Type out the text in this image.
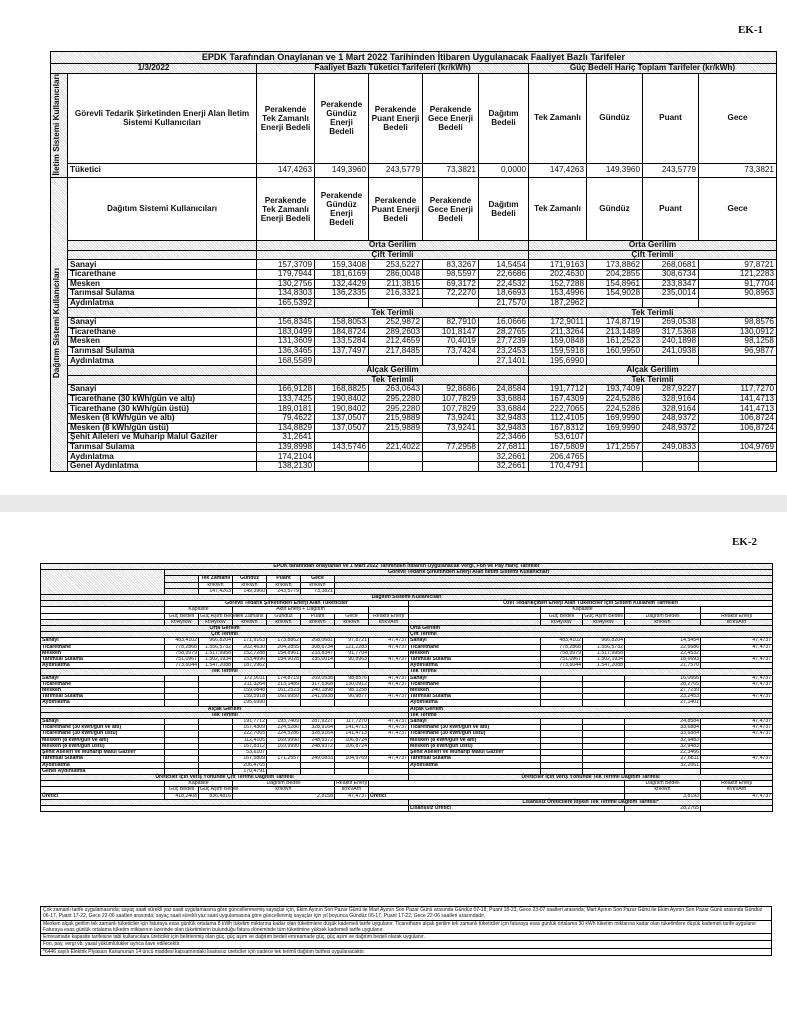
EK-1
EPDK Tarafından Onaylanan ve 1 Mart 2022 Tarihinden İtibaren Uygulanacak Faaliyet Bazlı Tarifeler										
1/3/2022		Faaliyet Bazlı Tüketici Tarifeleri (kr/kWh)					Güç Bedeli Hariç Toplam Tarifeler (kr/kWh)			
İletim Sistemi Kullanıcıları	Görevli Tedarik Şirketinden Enerji Alan İletim Sistemi Kullanıcıları	Perakende Tek Zamanlı Enerji Bedeli	Perakende Gündüz Enerji Bedeli	Perakende Puant Enerji Bedeli	Perakende Gece Enerji Bedeli	Dağıtım Bedeli	Tek Zamanlı	Gündüz	Puant	Gece
	Tüketici	147,4263	149,3960	243,5779	73,3821	0,0000	147,4263	149,3960	243,5779	73,3821
Dağıtım Sistemi Kullanıcıları	Dağıtım Sistemi Kullanıcıları	Perakende Tek Zamanlı Enerji Bedeli	Perakende Gündüz Enerji Bedeli	Perakende Puant Enerji Bedeli	Perakende Gece Enerji Bedeli	Dağıtım Bedeli	Tek Zamanlı	Gündüz	Puant	Gece
		Orta Gerilim					Orta Gerilim			
		Çift Terimli					Çift Terimli			
	Sanayi	157,3709	159,3408	253,5227	83,3267	14,5454	171,9163	173,8862	268,0681	97,8721
	Ticarethane	179,7944	181,6169	286,0048	98,5597	22,6686	202,4630	204,2855	308,6734	121,2283
	Mesken	130,2756	132,4429	211,3815	69,3172	22,4532	152,7288	154,8961	233,8347	91,7704
	Tarımsal Sulama	134,8303	136,2335	216,3321	72,2270	18,6693	153,4996	154,9028	235,0014	90,8963
	Aydınlatma	165,5392				21,7570	187,2962			
		Tek Terimli					Tek Terimli			
	Sanayi	156,8345	158,8053	252,9872	82,7910	16,0666	172,9011	174,8719	269,0538	98,8576
	Ticarethane	183,0499	184,8724	289,2603	101,8147	28,2765	211,3264	213,1489	317,5368	130,0912
	Mesken	131,3609	133,5284	212,4659	70,4019	27,7239	159,0848	161,2523	240,1898	98,1258
	Tarımsal Sulama	136,3465	137,7497	217,8485	73,7424	23,2453	159,5918	160,9950	241,0938	96,9877
	Aydınlatma	168,5589				27,1401	195,6990			
		Alçak Gerilim					Alçak Gerilim			
		Tek Terimli					Tek Terimli			
	Sanayi	166,9128	168,8825	263,0643	92,8686	24,8584	191,7712	193,7409	287,9227	117,7270
	Ticarethane (30 kWh/gün ve altı)	133,7425	190,8402	295,2280	107,7829	33,6884	167,4309	224,5286	328,9164	141,4713
	Ticarethane (30 kWh/gün üstü)	189,0181	190,8402	295,2280	107,7829	33,6884	222,7065	224,5286	328,9164	141,4713
	Mesken (8 kWh/gün ve altı)	79,4622	137,0507	215,9889	73,9241	32,9483	112,4105	169,9990	248,9372	106,8724
	Mesken (8 kWh/gün üstü)	134,8829	137,0507	215,9889	73,9241	32,9483	167,8312	169,9990	248,9372	106,8724
	Şehit Aileleri ve Muharip Malul Gaziler	31,2641				22,3466	53,6107			
	Tarımsal Sulama	139,8998	143,5746	221,4022	77,2958	27,6811	167,5809	171,2557	249,0833	104,9769
	Aydınlatma	174,2104				32,2661	206,4765			
	Genel Aydınlatma	138,2130				32,2661	170,4791			
EK-2
EPDK tarafından onaylanan ve 1 Mart 2022 Tarihinden İtibaren Uygulanacak Vergi, Fon ve Pay Hariç Tarifeler												
	Görevli Tedarik Şirketinden Enerji Alan İletim Sistemi Kullanıcıları											
		Tek Zamanlı	Gündüz	Puant	Gece							
		kr/kWh	kr/kWh	kr/kWh	kr/kWh							
		147,4263	149,3960	243,5779	73,3821							
Dağıtım Sistemi Kullanıcıları												
	Görevli Tedarik Şirketinden Enerji Alan Tüketiciler							Özel Tedarikçiden Enerji Alan Tüketiciler İçin Sistem Kullanım Tarifeleri				
	Kapasite		Aktif Enerji + Dağıtım						Kapasite			
	Güç Bedeli	Güç Aşım Bedeli	Tek Zamanlı	Gündüz	Puant	Gece	Reaktif Enerji		Güç Bedeli	Güç Aşım Bedeli	Dağıtım Bedeli	Reaktif Enerji
	kr/Ay/kW	kr/Ay/kW	kr/kWh	kr/kWh	kr/kWh	kr/kWh	kr/kVArh		kr/Ay/kW	kr/Ay/kW	kr/kWh	kr/kVArh
Orta Gerilim								Orta Gerilim				
Çift Terimli								Çift Terimli				
Sanayi	483,4102	966,8204	171,9163	173,8862	268,0681	97,8721	47,4737	Sanayi	483,4102	966,8204	14,5454	47,4737
Ticarethane	778,2866	1.556,5732	202,4630	204,2855	308,6734	121,2283	47,4737	Ticarethane	778,2866	1.556,5732	22,6686	47,4737
Mesken	758,9979	1.517,9958	152,7288	154,8961	233,8347	91,7704		Mesken	758,9979	1.517,9958	22,4532	
Tarımsal Sulama	751,0967	1.502,1934	153,4996	154,9028	235,0014	90,8963	47,4737	Tarımsal Sulama	751,0967	1.502,1934	18,6693	47,4737
Aydınlatma	773,6044	1.547,2088	187,2962					Aydınlatma	773,6044	1.547,2088	21,7570	
Tek Terimli								Tek Terimli				
Sanayi			172,9011	174,8719	269,0538	98,8576	47,4737	Sanayi			16,0666	47,4737
Ticarethane			211,3264	213,1489	317,5368	130,0912	47,4737	Ticarethane			28,2765	47,4737
Mesken			159,0848	161,2523	240,1898	98,1258		Mesken			27,7239	
Tarımsal Sulama			159,5918	160,9950	241,0938	96,9877	47,4737	Tarımsal Sulama			23,2453	47,4737
Aydınlatma			195,6990					Aydınlatma			27,1401	
Alçak Gerilim								Alçak Gerilim				
Tek Terimli								Tek Terimli				
Sanayi			191,7712	193,7409	287,9227	117,7270	47,4737	Sanayi			24,8584	47,4737
Ticarethane (30 kWh/gün ve altı)			167,4309	224,5286	328,9164	141,4713	47,4737	Ticarethane (30 kWh/gün ve altı)			33,6884	47,4737
Ticarethane (30 kWh/gün üstü)			222,7065	224,5286	328,9164	141,4713	47,4737	Ticarethane (30 kWh/gün üstü)			33,6884	47,4737
Mesken (8 kWh/gün ve altı)			112,4105	169,9990	248,9372	106,8724		Mesken (8 kWh/gün ve altı)			32,9483	
Mesken (8 kWh/gün üstü)			167,8312	169,9990	248,9372	106,8724		Mesken (8 kWh/gün üstü)			32,9483	
Şehit Aileleri ve Muharip Malul Gaziler			53,6107					Şehit Aileleri ve Muharip Malul Gaziler			22,3466	
Tarımsal Sulama			167,5809	171,2557	249,0833	104,9769	47,4737	Tarımsal Sulama			27,6811	47,4737
Aydınlatma			206,4765					Aydınlatma			32,2661	
Genel Aydınlatma			170,4791									
Üreticiler İçin Veriş Yönünde Çift Terimli Dağıtım Tarifesi								Üreticiler İçin Veriş Yönünde Tek Terimli Dağıtım Tarifesi				
	Kapasite		Dağıtım Bedeli			Reaktif Enerji					Dağıtım Bedeli	Reaktif Enerji
	Güç Bedeli	Güç Aşım Bedeli	kr/kWh			kr/kVArh					kr/kWh	kr/kVArh
Üretici	418,2408	836,4816	2,8158			47,4737	Üretici				3,8193	47,4737
								Lisanssız Üreticilere İlişkin Tek Terimli Dağıtım Tarifesi*				
								Lisanssız Üretici			28,2765	
Çok zamanlı tarife uygulamasında; sayaç saati sürekli yaz saati uygulamasına göre güncellenmemiş sayaçlar için, Ekim Ayının Son Pazar Günü ile Mart Ayının Son Pazar Günü arasında Gündüz 07-18, Puant 18-23, Gece 23-07 saatleri arasında; Mart Ayının Son Pazar Günü ile Ekim Ayının Son Pazar Günü arasında Gündüz 06-17, Puant 17-22, Gece 22-06 saatleri arasında; sayaç saati sürekli yaz saati uygulamasına göre güncellenmiş sayaçlar için yıl boyunca Gündüz 06-17, Puant 17-22, Gece 22-06 saatleri arasındadır.
Mesken alçak gerilim tek zamanlı tüketiciler için faturaya esas günlük ortalama 8 kWh tüketim miktarına kadar olan tüketimlere düşük kademeli tarife uygulanır. Ticarethane alçak gerilim tek zamanlı tüketiciler için faturaya esas günlük ortalama 30 kWh tüketim miktarına kadar olan tüketimlere düşük kademeli tarife uygulanır. Faturaya esas günlük ortalama tüketim miktarının üzerinde olan tüketimlerin bulunduğu fatura döneminde tüm tüketimine yüksek kademeli tarife uygulanır.
Emreamade kapasite tarifesine tabi kullanıcılara üreticiler için belirlenmiş olan güç, güç aşım ve dağıtım bedeli emreamade güç, güç aşım ve dağıtım bedeli olarak uygulanır.
Fon, pay, vergi vb. yasal yükümlülükler ayrıca ilave edilecektir.
*6446 sayılı Elektrik Piyasası Kanununun 14 üncü maddesi kapsamındaki lisanssız üreticiler için sadece tek terimli dağıtım tarifesi uygulanacaktır.
